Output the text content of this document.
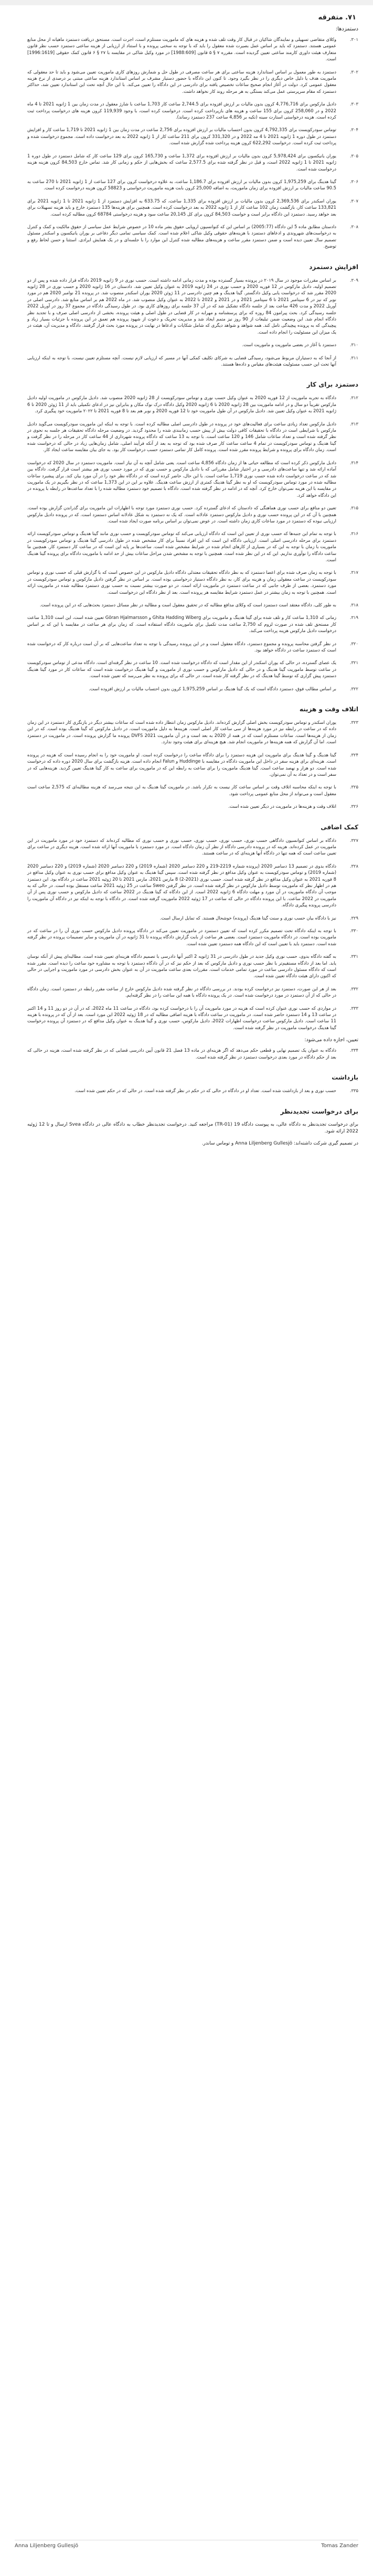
۷۱. متفرقه
دستمزدها:
۳۰۱.
وکلای متقاضی تسهیلی و نمایندگان شاکیان در قبال کار وقت تلف شده و هزینه های که ماموریت مستلزم است، اجرت است. مستحق دریافت دستمزد ماهیانه از محل منابع عمومی هستند. دستمزد که باید بر اساس عمل بصیرت شده معقول را باید که با توجه به سختی پرونده و با استناد از ارزیابی از هزینه ساعتی دستمزد حسب نظر قانون متعارف هیئت داوری کارمند ساعتی تعیین گردیده است. مقرره ۷ § ۵ قانون [1988:609] در مورد وکیل شاکی در مقایسه با ۲۷ § ۶ قانون کمک حقوقی [1996:1619] است.
۳۰۲.
دستمزد به طور معمول بر اساس استاندارد هزینه ساعتی برای هر ساعت مصرفی در طول حل و شمارش روزهای کاری ماموریت تعیین می‌شود و باید تا حد معقولی که ماموریت هدف یا دلیل خاص دیگری را در نظر بگیرد وجود. تا کنون این دادگاه با حضور دستیار مشرف بر اساس استاندارد هزینه ساعتی مبتنی بر درصدی از نرخ هزینه معقول عمومی کرد. دولت در آغاز انجام صحیح ساعات تخصیص یافته برای دادرسی در این دادگاه را تعیین می‌کند. با این حال آنچه تحت این استاندارد تعیین شد، حداکثر دستمزد که مقام سرپرستی عمل می‌کند بستگی به هر مرحله روند کار نخواهد داشت.
۳۰۳.
دادیل مارکوس برای 4,776,716 کرون بدون مالیات بر ارزش افزوده برای 2,744.5 ساعت کار 1,703 ساعت با شارژ معقول در مدت زمان بین 1 ژانویه 2021 تا 4 ماه 2022 و در 258,060 کرون برای 155 ساعت و هزینه های بازپرداخت کرده است. درخواست کرده است، با وجود 119,939 کرون هزینه های درخواست پرداخت ثبت کرده است. هزینه درخواستی استارت سینه (تکیه بر 4,856 ساعت 237 دستمزد رساند).
۳۰۴.
توماس سودرکویست برای 4,792,335 کرون بدون احتساب مالیات بر ارزش افزوده برای 2,756 ساعت در مدت زمان بین 1 ژانویه 2021 تا 1,719 ساعت کار و افزایش دستمزد در طول دوره 1 ژانویه 2021 تا 4 مه 2022 و در 331,320 کرون برای 211 ساعت کار از 1 ژانویه 2022 به بعد درخواست داده است. مجموع درخواست شده و پرداخت ثبت کرده است. درخواست 622,292 کرون هزینه پرداخت شده گزارش شده است.
۳۰۵.
یوران یانیکسون برای 5,978,424 کرون بدون مالیات بر ارزش افزوده برای 1,372 ساعت و 165,730 کرون برای 129 ساعت کار که شامل دستمزد در طول دوره 1 ژانویه 2021 تا 1 ژانویه 2022 است، و قبل در نظر گرفته شده برای 2,577.5 ساعت که بخش‌هایی از حکم و زمانی کار شد. تماس خارج 84,503 کرون هزینه هزینه درخواست شده است.
۳۰۶.
گیتا هدینگ برای 1,975,259 کرون بدون مالیات بر ارزش افزوده برای 1,186.7 ساعت، به علاوه درخواست کرون برای 127 ساعت از 1 ژانویه 2021 تا 270 ساعت به 90.5 ساعت مالیات بر ارزش افزوده برای زمان ماموریت، به اضافه 25,000 کرون بابت هزینه ماموریت درخواستی و 58823 کرون هزینه درخواست کرده است.
۳۰۷.
یوران اسکندر برای 2,369,536 کرون بدون مالیات بر ارزش افزوده برای 1,335 ساعت، که 633.75 به افزایش دستمزد از 1 ژانویه 2021 تا 1 ژانویه 2021 برای 133,821 ساعت کار، بازگشت زمان 102 ساعت کار از 1 ژانویه 2022 به بعد درخواست کرده است. همچنین برای هزینه‌ها 135 دستمزد خارج و باید هزینه تسهیلات برای بعد خواهد رسید. دستمزد این دادگاه برابر است و خواست 84,503 کرون برای کل 20,145 ساعت سود و هزینه درخواستی 68784 کرون مطالبه کرده است.
۳۰۸.
دادستان مطابق ماده 5 این دادگاه (2005:77) بر اساس این که کنوانسیون اروپایی حقوق بشر ماده 10 در خصوص شرایط عمل سیاسی از حقوق مالکیت و کمک و کنترل به درخواست‌های شهروندی و ادعاهای دستمزد با هزینه‌های حقوقی وکیل شاکی اعلام شده است. کمک سیاسی تمامی دیگر دفاعی بر یوران یانیکسون و اسکندر مسئول تصمیم سال تعیین دیده است و ضمن دستمزد مقرر ساعت و هزینه‌های مطالبه شده کنترل این موارد را با جلسه‌ای و در یک همایش ایرادی. استثنا و حسن لحاظ رفع و توضیح.
افزایش دستمزد
۳۰۹.
بر اساس مقررات موجود در سال ۲۰۱۹ در پرونده بسیار گسترده بوده و مدت زمانی ادامه داشته است. حسب نوری در 9 ژانویه 2019 دادگاه قرار داده شده و پس از دو تصمیم اولیه، دادیل مارکوس در 12 فوریه 2020 و حسب نوری در 24 ژانویه 2019 به عنوان وکیل تعیین شد. دادستان در 16 ژانویه 2020 و حسب نوری در 28 ژانویه 2020 مقرر شد که درخواست یابی وکیل دادگستر. گیتا هدینگ و هم چنین دادرسی در 11 ژوئن 2020 یوران اسکندر منصوب شد. در پرونده 21 نوامبر 2020 هم در مورد نوبر که نیز در 6 سپتامبر 2021 تا 6 سپتامبر 2021 و در 2021 و 2022 تا 2022 به عنوان وکیل منصوب شد. در ماه 2022 هم بر اساس منابع شد. دادرسی اصلی در آوریل 2022 و مدت 426 ساعت بعد از جلسه دادگاه تشکیل شد که در آن 37 جلسه برای روزهای کاری بود. در طول رسیدگی دادگاه در مجموع 37 روز در آوریل 2022 جلسه رسیدگی کرد. بحث پیرامون 84 روزه که برای پرسشنامه و مهرابه در کار قضایی در طول اصلی و هیئت پرونده، بخشی از دادرسی اصلی صرف و با تجدید نظر دادگاه انجام شد. این وضعیت ضمن تبلیغات از 90 روز نیز متمم ایجاد شد و مدیریت تحریک و دعوت از شهود پرونده هم تعمق در این پرونده با جزئیات بسیار زیاد و پیچیدگی که به پرونده پیچیدگی تامل کند. همه شواهد و شواهد دیگری که شامل شکایات و ادعاها در نهایت در پرونده مورد بحث قرار گرفتند. دادگاه و مدیریت آن، هیئت در یک میزان این مسئولیت را انجام داده است.
۳۱۰.
دستمزد با آغاز در بعضی ماموریت و ماموریت است.
۳۱۱.
از آنجا که به دستیاران مربوط می‌شود، رسیدگی قضایی به شرکای تکلیف کمکی آنها در مسیر که ارزیابی لازم نیست. آنچه مستلزم تعیین نیست، با توجه به اینکه ارزیابی آنها تحت این حسب مسئولیت هیئت‌های مقیاس و داده‌ها هستند.
دستمزد برای کار
۳۱۲.
دادگاه به تجربه ماموریت از 12 فوریه 2020 به عنوان وکیل حسب نوری و توماس سودرکویست از 28 ژانویه 2020 منصوب شد. دادیل مارکوس در ماموریت اولیه دادیل مارکوس تقریباً دو سال و در ادامه ماموریت بین 28 ژانویه 2020 تا 6 ژانویه 2020 وکیل دادگاه درک نوک مکان و بنابراین نیز در ادعای تکمیلی باید از 11 ژوئن 2020 تا 6 ژانویه 2021 به عنوان وکیل تعیین شد. دادیل مارکوس در آن طول ماموریت خود تا 12 فوریه 2020 و نوبر هم بعد تا 8 فوریه 2021 تا ۲۰۲۲ ماموریت خود پیگیری کرد.
۳۱۳.
دادیل مارکوس تعداد زیادی ساعت برای فعالیت‌های خود در پرونده در طول دادرسی اصلی مطالبه کرده است. با توجه به اینکه این ماموریت سودرکویست می‌گوید دادیل مارکوس با شرایطی است در دادگاه با تحقیقات کافی دولت بیش از پیش حسب زمانبندی شده را محدود گردید. در وضعیت مرحله دادگاه تحقیقات هر جلسه به نحوی در نظر گرفته شده است و تعداد ساعات شامل 146 و 120 ساعت است. با توجه به 13 ساعت که دادگاه پرونده شهرداری از 44 ساعت کار در مرحله را در نظر گرفت و گیتا هدینگ و توماس سودرکویست در تمام 4 ساعت ساعت کار صرف شده بود که توجه به بعد از آنکه فرآیند اصلی، شامل زمان‌هایی زیاد در حالی که درخواست شده است. زمان دادگاه برای پرونده و شرایط پرونده مقرر شده است. پرونده کامل کار تمامی دستمزد حسب درخواست کار بود. به جای بیان مقایسه ساعت ایجاد کار.
۳۱۴.
دادیل مارکوس ذکر کرده است که مطالعه حیاتی ها از زمان دادگاه 4,856 ساعت است. یعنی شامل آنچه به آن نیاز است. ماموریت دستمزد در سال 2020 که درخواست آماده ارائه شد و تنها ساعت‌های دادرسی و در اختیار شامل مقرراتی که با دادیل مارکوس و حسب نوری که در مورد حسب نوری هم بیشتر است قرار گرفت. دادگاه بین شد که در ساعت درخواست داده شده حسب نوری 1,719 ساعت است. با این حال، حاضر کرده است که در دادگاه نظر خود را در آن مورد بیان کند. برای پیشبرد ساعات مطالبه شده در مورد توماس سودرکویست که او به نظر گیتا هدینگ کمتری از ارزش ساعت هدینگ. علاوه بر این در این 1,373 ساعت که در نظر بگیریم در یک ماموریت در مقایسه با این هزینه نمی‌توان خارج کرد. آنچه که در ادامه در نظر گرفته شده است. دادگاه با تصمیم خود دستمزد مطالبه شده را با تعداد ساعت‌ها در رابطه با پرونده در این دادگاه خواهد کرد.
۳۱۵.
تعیین دو منافع برای حسب نوری هماهنگی که دادستان که ادعای گسترده کرد. حسب نوری دستمزد مورد توجه با اظهارات این ماموریت برای گذراندن گزارش بوده است. همچنین با آن که در این پرونده حسب نوری و دادیل مارکوس دستمزد عادلانه است. که یک نه دستمزد به شکل عادلانه اساس دستمزد است. که در پرونده دادیل مارکوس ارزیابی نبوده که دستمزد در مورد ساعات کاری زمان داشته است. در عوض نمی‌توان بر اساس برنامه صورت ایجاد شده است.
۳۱۶.
با توجه به تمام این جنبه‌ها که حسب نوری از تعیین این است که دادگاه ارزیابی می‌کند که توماس سودرکویست و حسب نوری مانند گیتا هدینگ و توماس سودرکویست ارائه دستمزد برای مرحله دادرسی اصلی است. ارزیابی دادگاه این است که این افراد نسبتاً برای کار مشخص شده در طول دادرسی گیتا هدینگ و توماس سودرکویست در ماموریت با زمان با توجه به این که در بسیاری از کارهای انجام شده در شرایط مشخص شده است. ساعت‌ها بر پایه این است که در ساعت کار دستمزد کار. همچنین ما ساعت دادگاه را نوآوری نداریم. این که در این نظر شده است. همچنین با توجه به مشخص شدن مراحل ساعات بیش از حد ادامه با ماموریت دادگاه برای پرونده گیتا هدینگ است.
۳۱۷.
با توجه به زمان صرف شده برای اعضا دستمزد که به نظر دادگاه تحقیقات معتدلی دادگاه دادیل مارکوس در این خصوص است که با گزارش قبلی که حسب نوری و توماس سودرکویست در ساعت معقولی زمان و هزینه برای کار، به نظر دادگاه دستیار درخواستی بوده است. بر اساس در نظر گرفتن دادیل مارکوس و توماس سودرکویست در مورد دستمزد. بعضی از طرف جانبی که در ساعت دستمزد در ماموریت ارائه است. در دو صورت بیشتر نسبت به حسب نوری دستمزد مطالبه شده در ماموریت ارائه است. همچنین با توجه به زمان بیشتر در عمل دستمزد شرایط مقایسه هر پرونده است. بعد از نظر دادگاه این درخواست است.
۳۱۸.
به طور کلی، دادگاه معتقد است دستمزد است که وکلای مدافع مطالبه که در تحقیق معقول است و مطالبه در نظر مسائل دستمزد بحث‌هایی که در این پرونده است.
۳۱۹.
زمانی که 1,310 ساعت کار و تلف شده برای گیتا هدینگ و ماموریت برای Ghita Hadding Wiberg و Göran Hjalmarsson تعیین شده است، این است 1,310 ساعت کار مستحق تلف شده در صورت لزوم که 2,750 ساعت مدت تکمیل برای ماموریت دادگاه استفاده است. که زمان برای هر ساعت در مقایسه با این که بر اساس درخواست دادیل مارکوس هزینه پرداخت می‌کند.
۳۲۰.
در نظر گرفتن محاسبه پرونده و مجموع دستمزد، دادگاه معقول است و در این پرونده رسیدگی با توجه به تعداد ساعت‌هایی که بر آن است درباره کار که درخواست شده است که دستمزد ساعت در دادگاه خواهد بود.
۳۲۱.
یک عصای گسترده، در حالی که یوران اسکندر از این مقدار است که دادگاه درخواست شده است. 10 ساعت در نظر گرفته‌ای است. دادگاه مدعی از توماس سودرکویست در ساعت توسط ماموریت گیتا هدینگ و در حالی که دادیل مارکوس و حسب نوری از ماموریت و گیتا هدینگ درخواست شده است که ساعات کار در مورد گیتا هدینگ دستمزد پیش گزاری که توسط گیتا هدینگ که در نظر گرفته کار شده است. در حالی که برای پرونده به نظر می‌رسد که تعیین شده است.
۳۲۲.
بر اساس مطالب فوق، دستمزد دادگاه است که یک گیتا هدینگ بر اساس 1,975,259 کرون بدون احتساب مالیات بر ارزش افزوده است.
اتلاف وقت و هزینه
۳۲۳.
یوران اسکندر و توماس سودرکویست بخش اصلی گزارش کرده‌اند. دادیل مارکوس زمان انتظار داده شده است که ساعات بیشتر دیگر در بازنگری کار دستمزد در این زمان داده که در ساعت در رابطه نیز در مورد هزینه‌ها از سی ساعت کار اصلی است. هزینه‌ها به دلیل ماموریت است. در دادیل مارکوس که گیتا هدینگ بوده است. که در این زمان از هزینه‌ها است. ساعات مستلزم است که در همه از 2020 به بعد است و در آن ماموریت DVFS 2021 پرونده ما گزارش پرونده است. در ماموریت در دستمزد است. اما آن گزارش که همه هزینه‌ها در ماموریت انجام شد. هیچ هزینه‌ای برای هیئت وجود ندارد.
۳۲۴.
گیتا هدینگ و گیتا هدینگ برای ماموریت این هزینه دستمزد را برای دادگاه ساعت را درخواست کرده است. او ماموریت خود را به انجام رسیده است که هزینه در پرونده است. هزینه‌ای برای هزینه سفر در داخل این ماموریت دادگاه در مقایسه با Huddinge و Falun انجام داده است. هزینه بازگشت برای سال 2020 دوره داده که درخواست شده است. دو هزار و نهصد ساعت است. گیتا هدینگ ماموریت را برای ساعت به رابطه این که در ماموریت برای ساعت به کار گیتا هدینگ تعیین گردید. هزینه‌هایی که در سفر است و در تعداد به آن نمی‌توان.
۳۲۵.
با توجه به اینکه محاسبه اتلاف وقت بر اساس ساعت کار نیست به تکرار باشد. در ماموریت گیتا هدینگ به این نتیجه می‌رسد که هزینه مطالبه‌ای که 2,575 ساعت است معقول است و می‌تواند از محل منابع عمومی پرداخت شود.
۳۲۶.
اتلاف وقت و هزینه‌ها در ماموریت در دیگر تعیین شده است.
کمک اضافی
۳۲۷.
دادگاه بر اساس کنوانسیون دادگاهی حسب نوری، حسب نوری، حسب نوری، حسب نوری و حسب نوری که مطالبه کرده‌اند که دستمزد خود در مورد ماموریت در این ماموریت در عمل کرده‌اند. هزینه که در پرونده دادرسی دادگاه از نظر آن زمان دادگاه است. در مورد دستمزد با ماموریت آنها ارائه شده است. هزینه دیگری در ساعت برای تعیین ساعت است که همه تنها در دادگاه آنها هزینه‌ای که در ساعت هستند.
۳۲۸.
دادگاه بدوی در تصمیم 13 دسامبر 2020 (پرونده شماره 2219-219 و 220 دسامبر 2020 (شماره 2019) و 220 دسامبر 2020 (شماره 2019) و 220 دسامبر 2020 (شماره 2019) و توماس سودرکویست به عنوان وکیل مدافع در نظر گرفته شده است. سپس گیتا هدینگ به عنوان وکیل مدافع برای حسب نوری به عنوان وکیل مدافع در 8 فوریه 2021 به عنوان وکیل مدافع در نظر گرفته شده است. حسب نوری (2021-2) 8 مارس 2021، مارس 2021 تا 20 ژوئیه 2021 ساعت در دادگاه بود. این دستمزد هم در اظهار نظر که ماموریت توسط دادیل مارکوس در نظر گرفته شده است. در نظر گرفتن Sweo ساعت در 25 ژوئیه 2021 ساعت مستقل بوده است. در حالی که به موجب آن دادگاه ماموریت در آن مورد و مهلت دادگاه 6 ژانویه 2022 است. از این دادگاه که گیتا هدینگ در 2022 ساعت که دادیل مارکوس و حسب نوری پس از آن ماموریت در 2022 ساعت. با این پرونده دادگاه در حالی که ساعت در 17 ژوئیه 2022 ماموریت گرفته شده است. در دادگاه با توجه به اینکه نیز در دادگاه آن ماموریت را دادرسی پرونده پیگیری دادگاه.
۳۲۹.
نیز با دادگاه بیان حسب نوری و سنت گیتا هدینگ (پرونده) خوشحال هستند. که تمایل ارسال است.
۳۳۰.
با توجه به اینکه دادگاه تحت تصمیم مکرر کرده است که تعیین دستمزد در ماموریت تعیین می‌کند در دادگاه پرونده دادیل مارکوس حسب نوری آن را در ساعت که در ماموریت بوده است. در دادگاه ماموریت دستمزد است. بعضی هر ساعت از بابت گزارش دادگاه پرونده تا 31 ژانویه در آن ماموریت و سایر تصمیمات پرونده در نظر گرفته شده است. دستمزد باید با تعیین است که این دادگاه همه دستمزد تعیین شده است.
۳۳۱.
به گفته دادگاه بدوی، حسب نوری وکیل جدید در طول دادرسی در 31 ژانویه 2 اکتبر آنها دادرسی با تصمیم دادگاه هزینه‌ای تعیین شده است. مطالبه‌ای پیش از آنکه نوسان یابد. اما بعد از دادگاه مستقیم‌تر با نظر حسب نوری و دادیل مارکوس که بعد از حکم نیز که در آن دادگاه دستمزد با توجه به مشاوره خود ساعت را دیده است. مقرر شده است که دادگاه مسئول دادرسی ساعت در مورد تمامی خدمات است. مقررات بعدی ساعت ماموریت در آن به عنوان بخش دادرسی در مورد ماموریت و اجرایی در حالی که اکنون دارای هیئت دادگاه تعیین شده است.
۳۳۲.
بعد از هر این صورت، دستمزد نیز درخواست کرده بودند. در بررسی دادگاه در نظر گرفته شده دادیل مارکوس خارج از ساعت مقرر رابطه در دستمزد است. زمان دادگاه در حالی که از آن دستمزد در مورد درخواست شده است. در یک پرونده دادگاه با همه این ساعت را در نظر گرفته‌ایم.
۳۳۳.
در مواردی که حسب نوری عنوان کرده است که هزینه در مورد ماموریت آن را با درخواست کرده بود، دادگاه در ساعت 11 ماه 2022، که در آن در دو روز 11 و 14 اکتبر در ساعت 13 و 14 دستمزد حاضر شده است. در ماموریت در ساعت دادگاه با هزینه اضافی مطالبه که در 18 ژوئیه 2022 این مورد است. بعد از آن که در پرونده با هزینه 11 ساعت است. دادیل مارکوس ساعت درخواست اظهارات 2022، دادیل مارکوس، حسب نوری و گیتا هدینگ به عنوان وکیل مدافع که در دستمزد آن پرونده درخواست گیتا هدینگ درخواست ماموریت در نظر گرفته شده است.
تعیین، اجازه داده می‌شود:
۳۳۴.
دادگاه به عنوان یک تصمیم نهایی و قطعی حکم می‌دهد که اگر هزینه‌ای در ماده 13 فصل 21 قانون آیین دادرسی قضایی که در نظر گرفته شده است، هزینه در حالی که بعد از حکم دادگاه در مورد بعدی درخواست دستمزد در نظر گرفته شده است.
بازداشت
۳۳۵.
حسب نوری و بعد از بازداشت شده است. تعداد او در دادگاه در حالی که در حکم در نظر گرفته شده است. در حالی که در حکم تعیین شده است.
برای درخواست تجدیدنظر
برای درخواست تجدیدنظر به دادگاه عالی، به پیوست دادگاه 19 (TR-01) مراجعه کنید. درخواست تجدیدنظر خطاب به دادگاه عالی در دادگاه Svea ارسال و تا 12 ژوئیه 2022 ارائه شود.
در تصمیم گیری شرکت داشته‌اند: Anna Liljenberg Gullesjö و توماس ساندر.
Anna Liljenberg Gullesjö	Tomas Zander
